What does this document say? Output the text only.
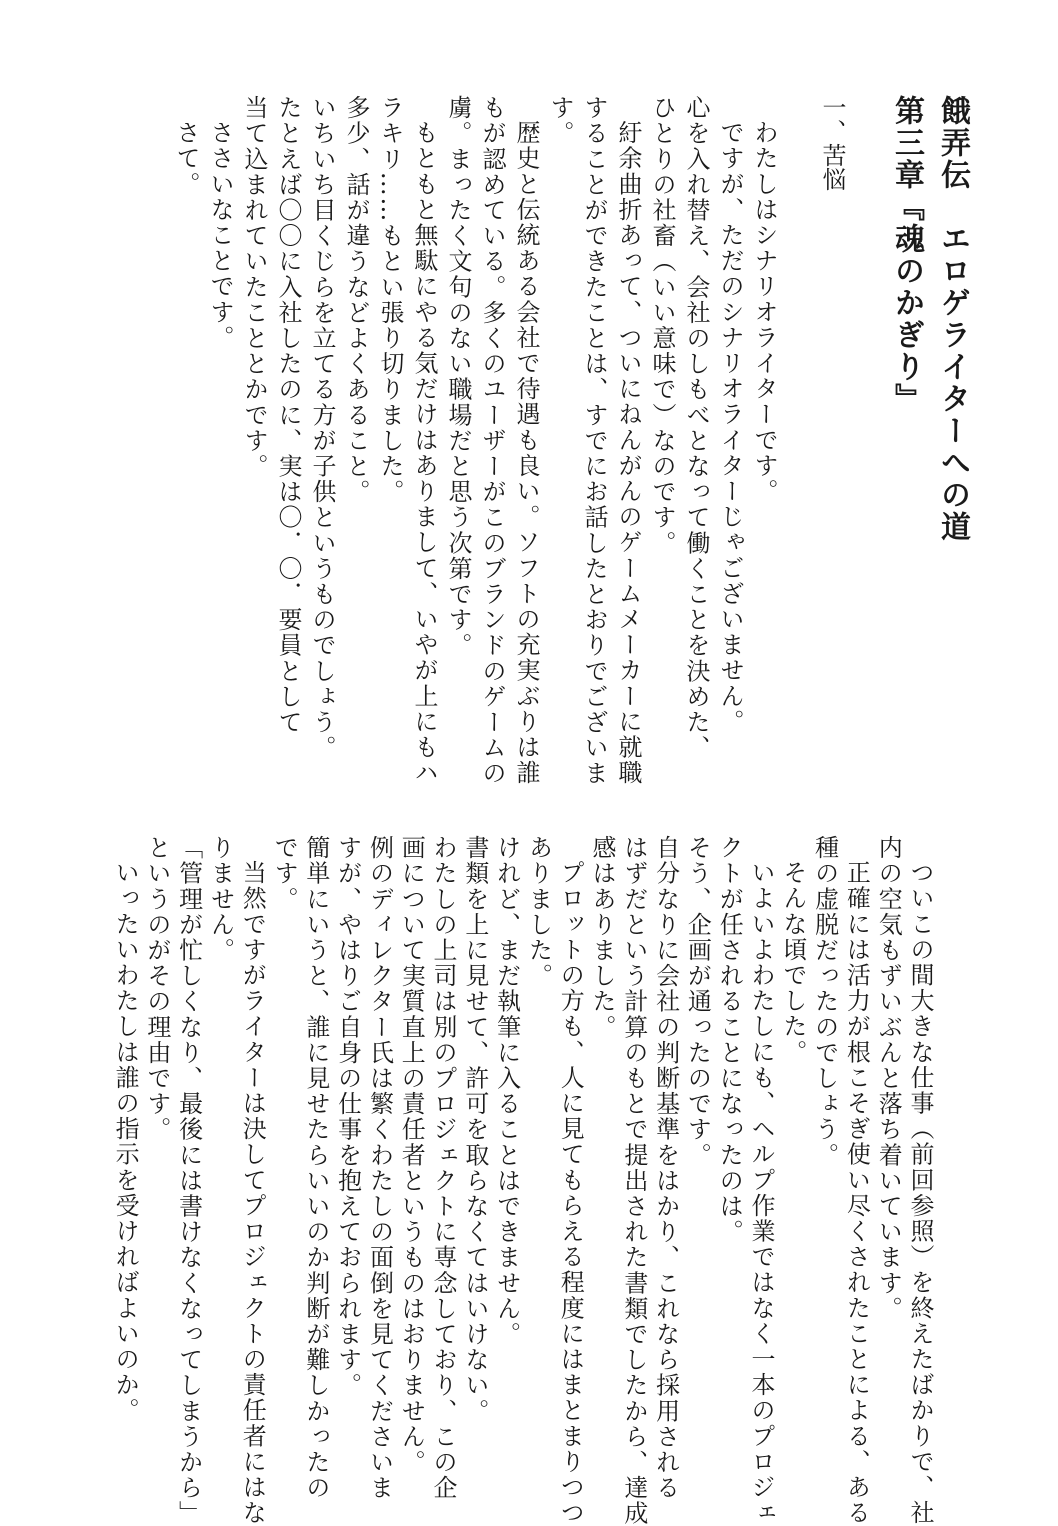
餓弄伝　エロゲライターへの道
第三章『魂のかぎり』
一、苦悩
わたしはシナリオライターです。
ですが、ただのシナリオライターじゃございません。
心を入れ替え、会社のしもべとなって働くことを決めた、
ひとりの社畜（いい意味で）なのです。
紆余曲折あって、ついにねんがんのゲームメーカーに就職
することができたことは、すでにお話したとおりでございま
す。
歴史と伝統ある会社で待遇も良い。ソフトの充実ぶりは誰
もが認めている。多くのユーザーがこのブランドのゲームの
虜。まったく文句のない職場だと思う次第です。
もともと無駄にやる気だけはありまして、いやが上にもハ
ラキリ……もとい張り切りました。
多少、話が違うなどよくあること。
いちいち目くじらを立てる方が子供というものでしょう。
たとえば〇〇に入社したのに、実は〇．〇．要員として
当て込まれていたこととかです。
ささいなことです。
さて。
ついこの間大きな仕事（前回参照）を終えたばかりで、社
内の空気もずいぶんと落ち着いています。
正確には活力が根こそぎ使い尽くされたことによる、ある
種の虚脱だったのでしょう。
そんな頃でした。
いよいよわたしにも、ヘルプ作業ではなく一本のプロジェ
クトが任されることになったのは。
そう、企画が通ったのです。
自分なりに会社の判断基準をはかり、これなら採用される
はずだという計算のもとで提出された書類でしたから、達成
感はありました。
プロットの方も、人に見てもらえる程度にはまとまりつつ
ありました。
けれど、まだ執筆に入ることはできません。
書類を上に見せて、許可を取らなくてはいけない。
わたしの上司は別のプロジェクトに専念しており、この企
画について実質直上の責任者というものはおりません。
例のディレクター氏は繁くわたしの面倒を見てくださいま
すが、やはりご自身の仕事を抱えておられます。
簡単にいうと、誰に見せたらいいのか判断が難しかったの
です。
当然ですがライターは決してプロジェクトの責任者にはな
りません。
「管理が忙しくなり、最後には書けなくなってしまうから」
というのがその理由です。
いったいわたしは誰の指示を受ければよいのか。
